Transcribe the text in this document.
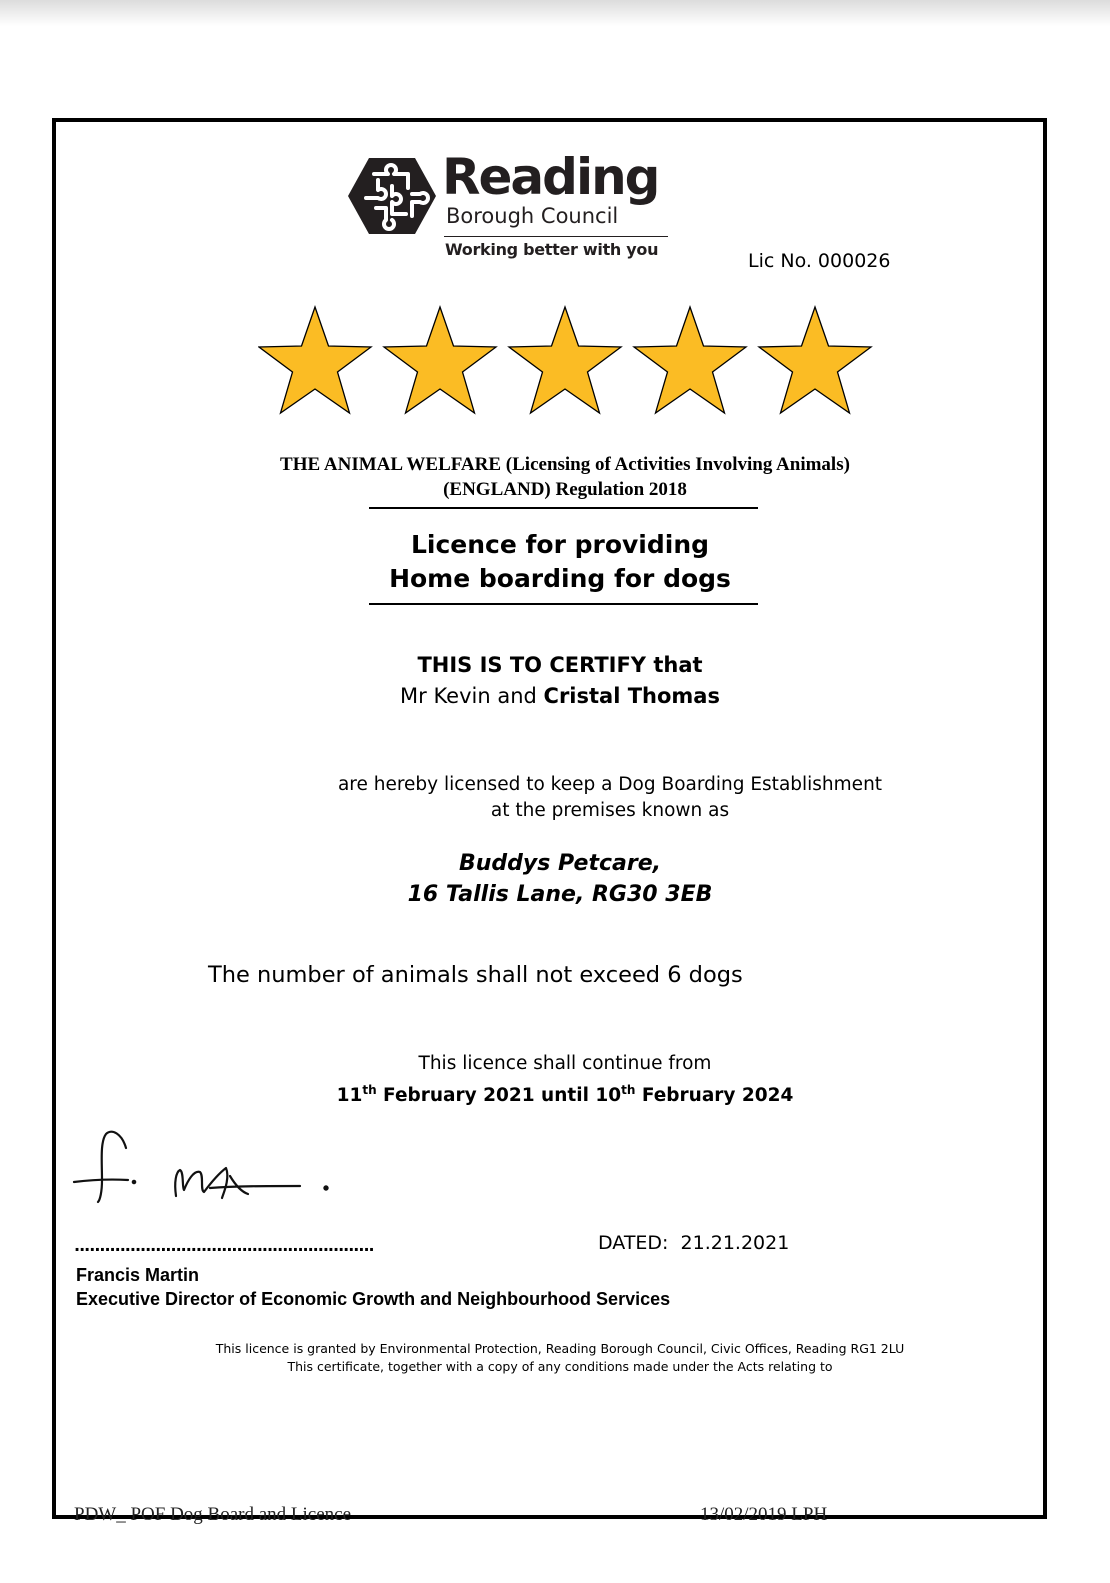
Reading
Borough Council
Working better with you
Lic No. 000026
THE ANIMAL WELFARE (Licensing of Activities Involving Animals)
(ENGLAND) Regulation 2018
Licence for providing
Home boarding for dogs
THIS IS TO CERTIFY that
Mr Kevin and Cristal Thomas
are hereby licensed to keep a Dog Boarding Establishment
at the premises known as
Buddys Petcare,
16 Tallis Lane, RG30 3EB
The number of animals shall not exceed 6 dogs
This licence shall continue from
11th February 2021 until 10th February 2024
...........................................................	DATED:  21.21.2021
Francis Martin
Executive Director of Economic Growth and Neighbourhood Services
This licence is granted by Environmental Protection, Reading Borough Council, Civic Offices, Reading RG1 2LU
This certificate, together with a copy of any conditions made under the Acts relating to
PDW_ POF Dog Board and Licence	13/02/2019 LPH
